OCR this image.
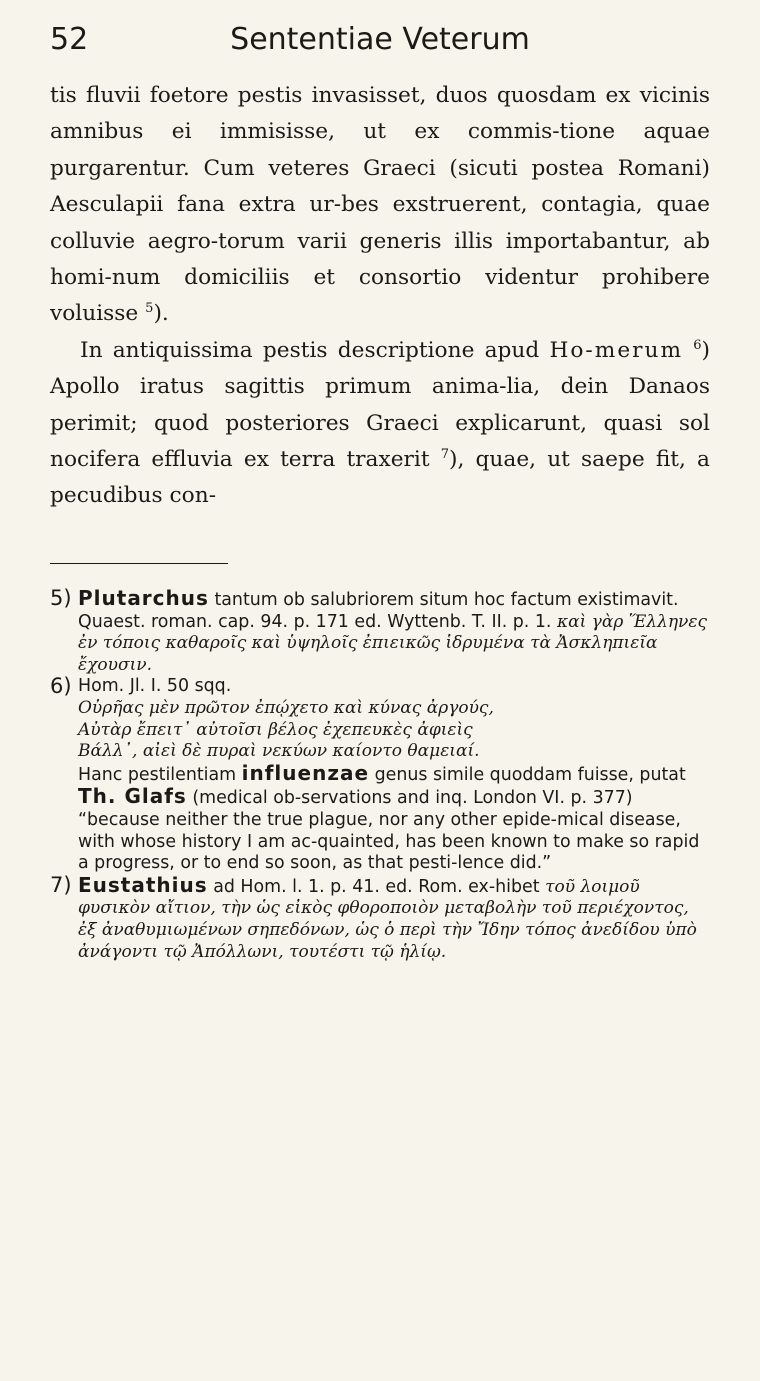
52	Sententiae Veterum

tis fluvii foetore pestis invasisset, duos quosdam ex vicinis amnibus ei immisisse, ut ex commis-tione aquae purgarentur. Cum veteres Graeci (sicuti postea Romani) Aesculapii fana extra ur-bes exstruerent, contagia, quae colluvie aegro-torum varii generis illis importabantur, ab homi-num domiciliis et consortio videntur prohibere voluisse $^5$).

In antiquissima pestis descriptione apud Ho-merum $^6$) Apollo iratus sagittis primum anima-lia, dein Danaos perimit; quod posteriores Graeci explicarunt, quasi sol nocifera effluvia ex terra traxerit $^7$), quae, ut saepe fit, a pecudibus con-

5) Plutarchus tantum ob salubriorem situm hoc factum existimavit. Quaest. roman. cap. 94. p. 171 ed. Wyttenb. T. II. p. 1. καὶ γὰρ Ἕλληνες ἐν τόποις καθαροῖς καὶ ὑψηλοῖς ἐπιεικῶς ἱδρυμένα τὰ Ἀσκληπιεῖα ἔχουσιν.

6) Hom. Jl. I. 50 sqq.

Οὐρῆας μὲν πρῶτον ἐπῴχετο καὶ κύνας ἀργούς,

Αὐτὰρ ἔπειτ᾽ αὐτοῖσι βέλος ἐχεπευκὲς ἀφιεὶς

Βάλλ᾽, αἰεὶ δὲ πυραὶ νεκύων καίοντο θαμειαί.

Hanc pestilentiam influenzae genus simile quoddam fuisse, putat Th. Glafs (medical ob-servations and inq. London VI. p. 377) “because neither the true plague, nor any other epide-mical disease, with whose history I am ac-quainted, has been known to make so rapid a progress, or to end so soon, as that pesti-lence did.”

7) Eustathius ad Hom. l. 1. p. 41. ed. Rom. ex-hibet τοῦ λοιμοῦ φυσικὸν αἴτιον, τὴν ὡς εἰκὸς φθοροποιὸν μεταβολὴν τοῦ περιέχοντος, ἐξ ἀναθυμιωμένων σηπεδόνων, ὡς ὁ περὶ τὴν Ἴδην τόπος ἀνεδίδου ὑπὸ ἀνάγοντι τῷ Ἀπόλλωνι, τουτέστι τῷ ἡλίῳ.
